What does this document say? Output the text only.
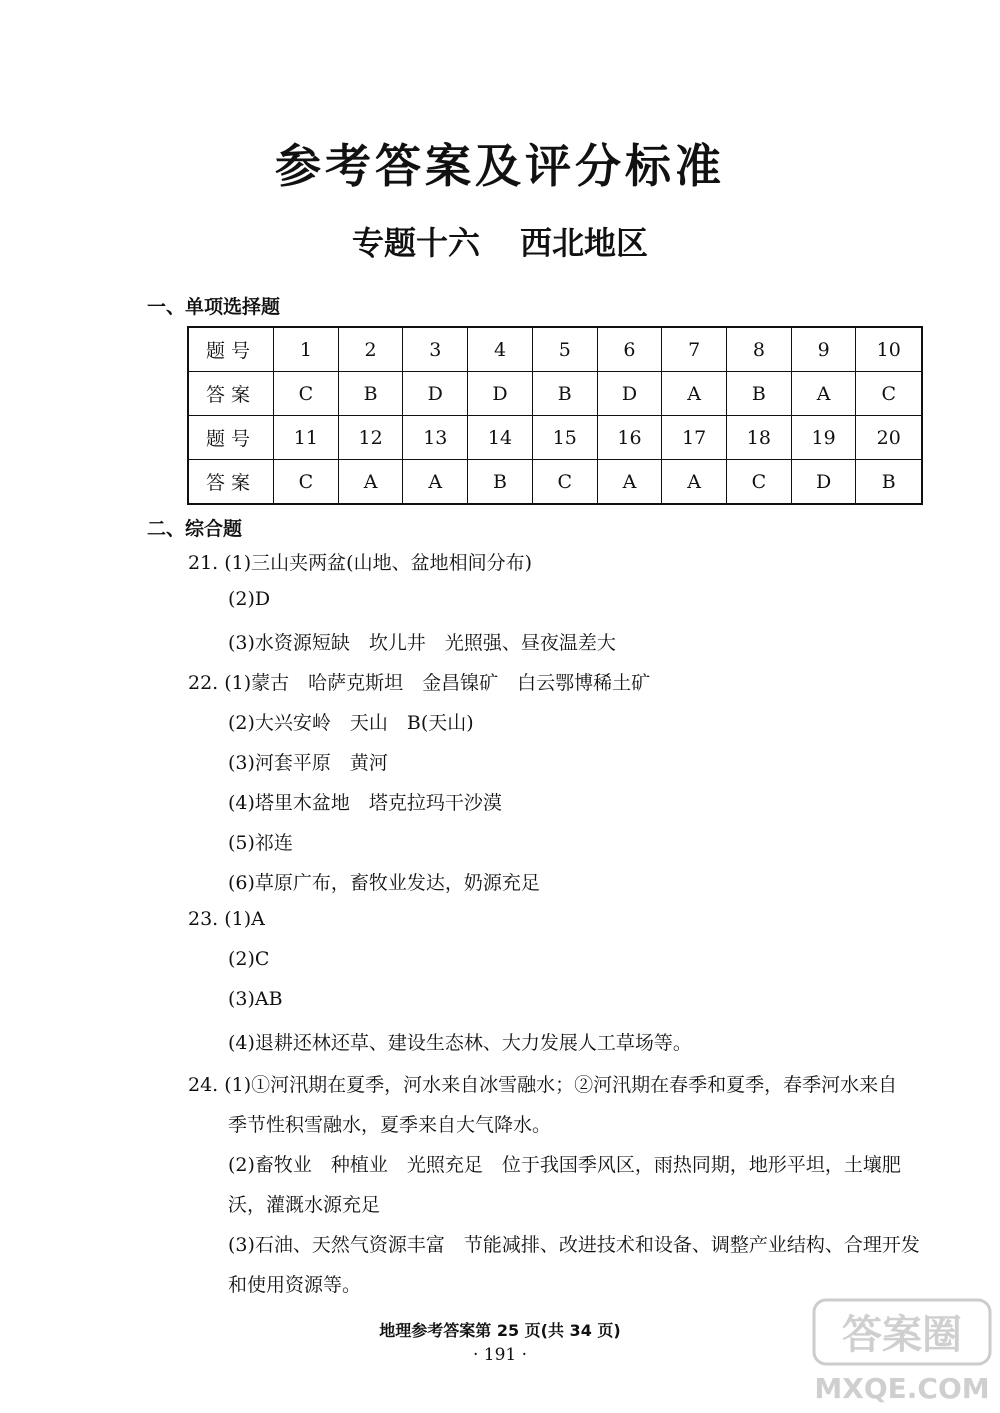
参考答案及评分标准
专题十六 西北地区
一、单项选择题
题号	1	2	3	4	5	6	7	8	9	10
答案	C	B	D	D	B	D	A	B	A	C
题号	11	12	13	14	15	16	17	18	19	20
答案	C	A	A	B	C	A	A	C	D	B
二、综合题
21. (1)三山夹两盆(山地、盆地相间分布)
(2)D
(3)水资源短缺　坎儿井　光照强、昼夜温差大
22. (1)蒙古　哈萨克斯坦　金昌镍矿　白云鄂博稀土矿
(2)大兴安岭　天山　B(天山)
(3)河套平原　黄河
(4)塔里木盆地　塔克拉玛干沙漠
(5)祁连
(6)草原广布，畜牧业发达，奶源充足
23. (1)A
(2)C
(3)AB
(4)退耕还林还草、建设生态林、大力发展人工草场等。
24. (1)①河汛期在夏季，河水来自冰雪融水；②河汛期在春季和夏季，春季河水来自
季节性积雪融水，夏季来自大气降水。
(2)畜牧业　种植业　光照充足　位于我国季风区，雨热同期，地形平坦，土壤肥
沃，灌溉水源充足
(3)石油、天然气资源丰富　节能减排、改进技术和设备、调整产业结构、合理开发
和使用资源等。
地理参考答案第 25 页(共 34 页)
· 191 ·	答案圈
MXQE.COM
